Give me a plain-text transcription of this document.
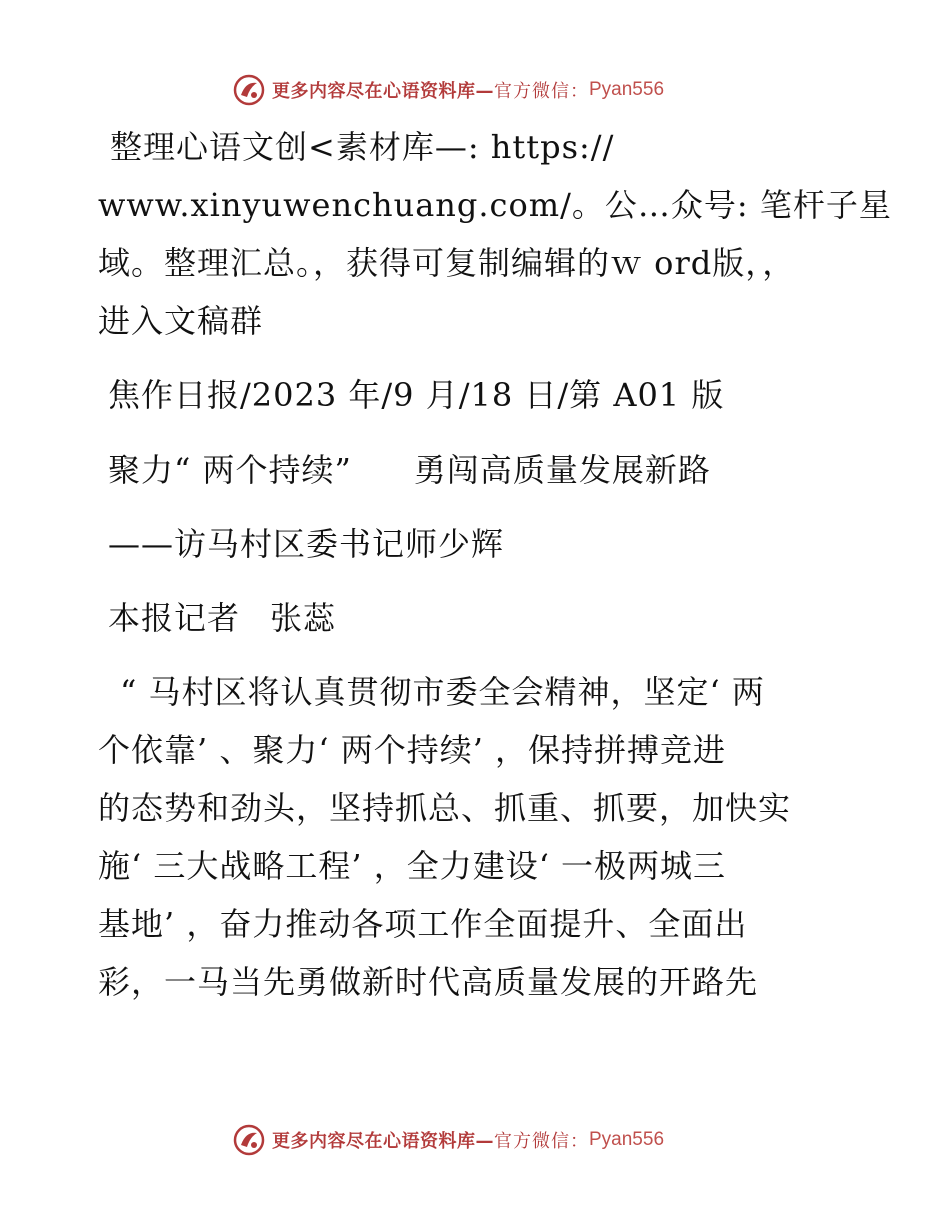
更多内容尽在心语资料库— 官方微信： Pyan556

整理心语文创<素材库—: https://
www.xinyuwenchuang.com/。公…众号: 笔杆子星
域。整理汇总。，获得可复制编辑的ｗ ord版，，
进入文稿群

焦作日报/2023 年/9 月/18 日/第 A01 版

聚力“ 两个持续” 勇闯高质量发展新路

——访马村区委书记师少辉

本报记者 张蕊

“ 马村区将认真贯彻市委全会精神，坚定‘ 两
个依靠’ 、聚力‘ 两个持续’ ，保持拼搏竞进
的态势和劲头，坚持抓总、抓重、抓要，加快实
施‘ 三大战略工程’ ，全力建设‘ 一极两城三
基地’ ，奋力推动各项工作全面提升、全面出
彩，一马当先勇做新时代高质量发展的开路先

更多内容尽在心语资料库— 官方微信： Pyan556
